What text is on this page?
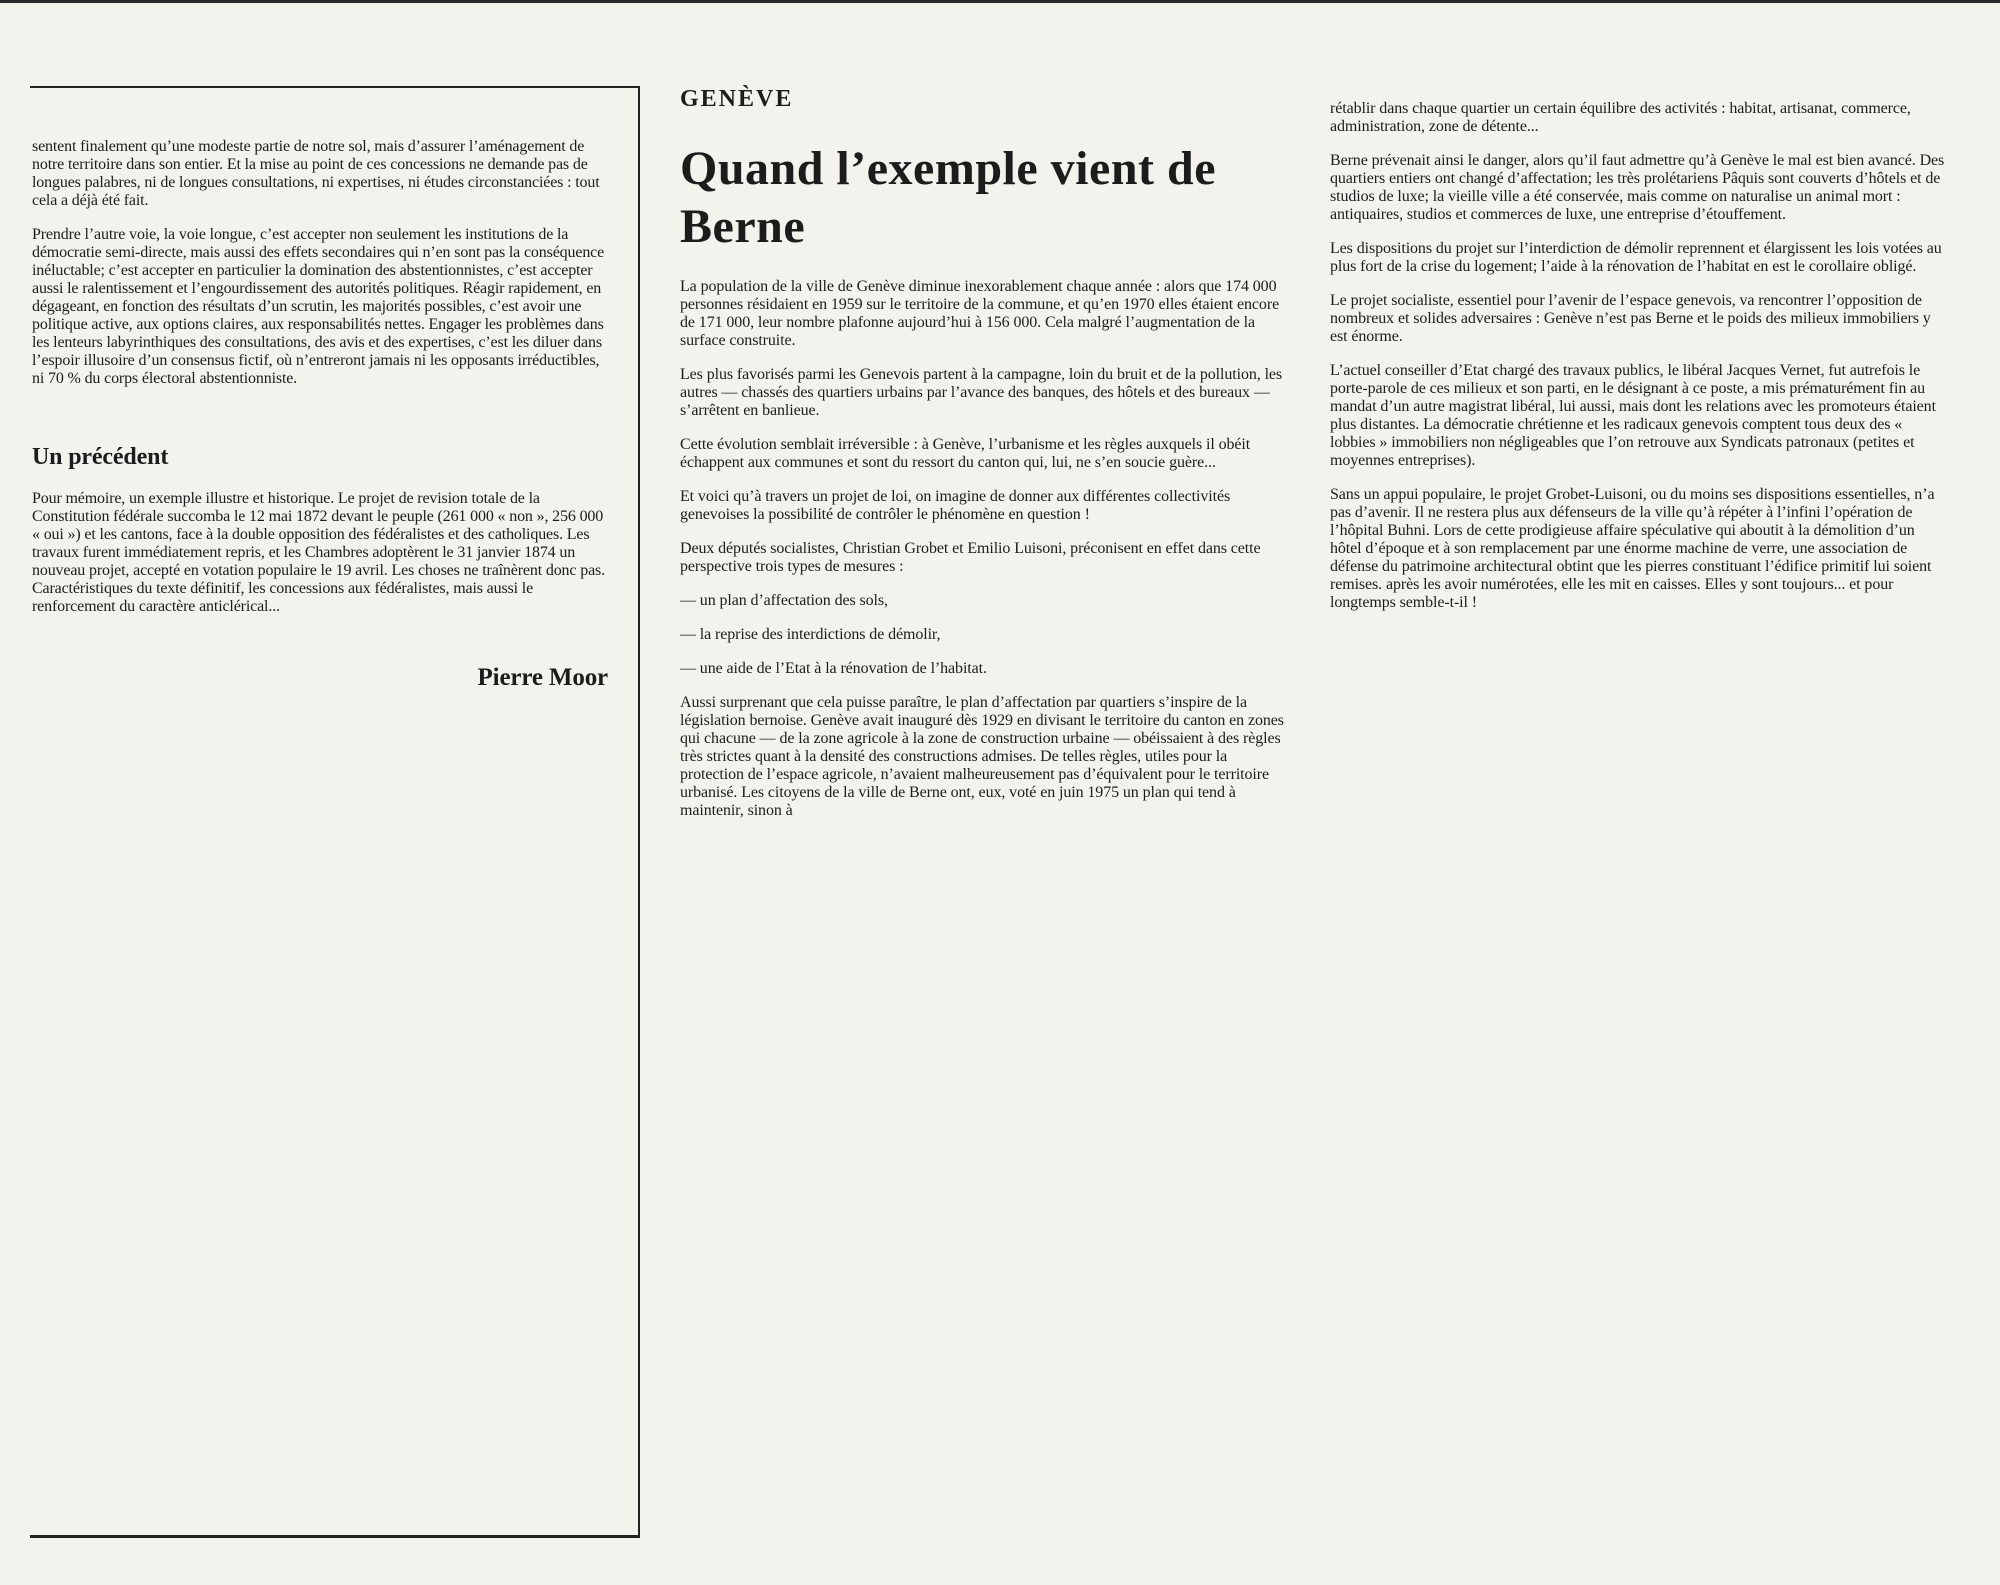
sentent finalement qu’une modeste partie de notre sol, mais d’assurer l’aménagement de notre territoire dans son entier. Et la mise au point de ces concessions ne demande pas de longues palabres, ni de longues consultations, ni expertises, ni études circonstanciées : tout cela a déjà été fait.

Prendre l’autre voie, la voie longue, c’est accepter non seulement les institutions de la démocratie semi-directe, mais aussi des effets secondaires qui n’en sont pas la conséquence inéluctable; c’est accepter en particulier la domination des abstentionnistes, c’est accepter aussi le ralentissement et l’engourdissement des autorités politiques. Réagir rapidement, en dégageant, en fonction des résultats d’un scrutin, les majorités possibles, c’est avoir une politique active, aux options claires, aux responsabilités nettes. Engager les problèmes dans les lenteurs labyrinthiques des consultations, des avis et des expertises, c’est les diluer dans l’espoir illusoire d’un consensus fictif, où n’entreront jamais ni les opposants irréductibles, ni 70 % du corps électoral abstentionniste.

Un précédent

Pour mémoire, un exemple illustre et historique. Le projet de revision totale de la Constitution fédérale succomba le 12 mai 1872 devant le peuple (261 000 « non », 256 000 « oui ») et les cantons, face à la double opposition des fédéralistes et des catholiques. Les travaux furent immédiatement repris, et les Chambres adoptèrent le 31 janvier 1874 un nouveau projet, accepté en votation populaire le 19 avril. Les choses ne traînèrent donc pas. Caractéristiques du texte définitif, les concessions aux fédéralistes, mais aussi le renforcement du caractère anticlérical...

Pierre Moor

GENÈVE
Quand l’exemple vient de Berne

La population de la ville de Genève diminue inexorablement chaque année : alors que 174 000 personnes résidaient en 1959 sur le territoire de la commune, et qu’en 1970 elles étaient encore de 171 000, leur nombre plafonne aujourd’hui à 156 000. Cela malgré l’augmentation de la surface construite.

Les plus favorisés parmi les Genevois partent à la campagne, loin du bruit et de la pollution, les autres — chassés des quartiers urbains par l’avance des banques, des hôtels et des bureaux — s’arrêtent en banlieue.

Cette évolution semblait irréversible : à Genève, l’urbanisme et les règles auxquels il obéit échappent aux communes et sont du ressort du canton qui, lui, ne s’en soucie guère...

Et voici qu’à travers un projet de loi, on imagine de donner aux différentes collectivités genevoises la possibilité de contrôler le phénomène en question !

Deux députés socialistes, Christian Grobet et Emilio Luisoni, préconisent en effet dans cette perspective trois types de mesures :

— un plan d’affectation des sols,

— la reprise des interdictions de démolir,

— une aide de l’Etat à la rénovation de l’habitat.

Aussi surprenant que cela puisse paraître, le plan d’affectation par quartiers s’inspire de la législation bernoise. Genève avait inauguré dès 1929 en divisant le territoire du canton en zones qui chacune — de la zone agricole à la zone de construction urbaine — obéissaient à des règles très strictes quant à la densité des constructions admises. De telles règles, utiles pour la protection de l’espace agricole, n’avaient malheureusement pas d’équivalent pour le territoire urbanisé. Les citoyens de la ville de Berne ont, eux, voté en juin 1975 un plan qui tend à maintenir, sinon à

rétablir dans chaque quartier un certain équilibre des activités : habitat, artisanat, commerce, administration, zone de détente...

Berne prévenait ainsi le danger, alors qu’il faut admettre qu’à Genève le mal est bien avancé. Des quartiers entiers ont changé d’affectation; les très prolétariens Pâquis sont couverts d’hôtels et de studios de luxe; la vieille ville a été conservée, mais comme on naturalise un animal mort : antiquaires, studios et commerces de luxe, une entreprise d’étouffement.

Les dispositions du projet sur l’interdiction de démolir reprennent et élargissent les lois votées au plus fort de la crise du logement; l’aide à la rénovation de l’habitat en est le corollaire obligé.

Le projet socialiste, essentiel pour l’avenir de l’espace genevois, va rencontrer l’opposition de nombreux et solides adversaires : Genève n’est pas Berne et le poids des milieux immobiliers y est énorme.

L’actuel conseiller d’Etat chargé des travaux publics, le libéral Jacques Vernet, fut autrefois le porte-parole de ces milieux et son parti, en le désignant à ce poste, a mis prématurément fin au mandat d’un autre magistrat libéral, lui aussi, mais dont les relations avec les promoteurs étaient plus distantes. La démocratie chrétienne et les radicaux genevois comptent tous deux des « lobbies » immobiliers non négligeables que l’on retrouve aux Syndicats patronaux (petites et moyennes entreprises).

Sans un appui populaire, le projet Grobet-Luisoni, ou du moins ses dispositions essentielles, n’a pas d’avenir. Il ne restera plus aux défenseurs de la ville qu’à répéter à l’infini l’opération de l’hôpital Buhni. Lors de cette prodigieuse affaire spéculative qui aboutit à la démolition d’un hôtel d’époque et à son remplacement par une énorme machine de verre, une association de défense du patrimoine architectural obtint que les pierres constituant l’édifice primitif lui soient remises. après les avoir numérotées, elle les mit en caisses. Elles y sont toujours... et pour longtemps semble-t-il !
